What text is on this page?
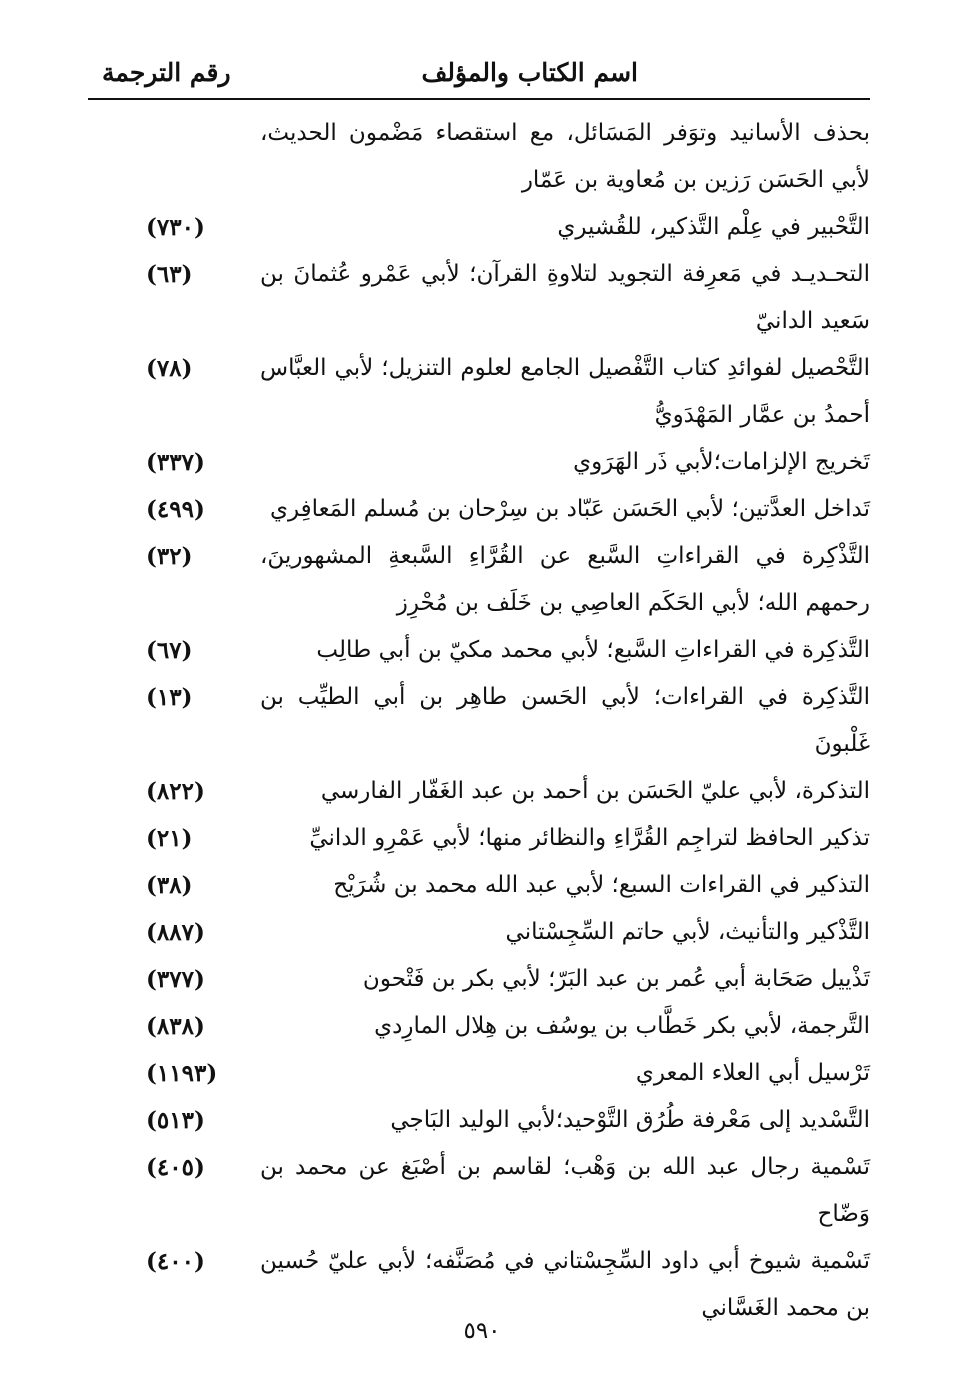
اسم الكتاب والمؤلف
رقم الترجمة
بحذف الأسانيد وتوَفر المَسَائل، مع استقصاء مَضْمون الحديث، لأبي الحَسَن رَزين بن مُعاوية بن عَمّار
التَّحْبير في عِلْم التَّذكير، للقُشيري
(٧٣٠)
التحـديـد في مَعرِفة التجويد لتلاوةِ القرآن؛ لأبي عَمْرو عُثمانَ بن سَعيد الدانيّ
(٦٣)
التَّحْصيل لفوائدِ كتاب التَّفْصيل الجامع لعلوم التنزيل؛ لأبي العبَّاس أحمدُ بن عمَّار المَهْدَويُّ
(٧٨)
تَخريج الإلزامات؛لأبي ذَر الهَرَوي
(٣٣٧)
تَداخل العدَّتين؛ لأبي الحَسَن عَبّاد بن سِرْحان بن مُسلم المَعافِري
(٤٩٩)
التَّذْكِرة في القراءاتِ السَّبع عن القُرَّاءِ السَّبعةِ المشهورينَ، رحمهم الله؛ لأبي الحَكَم العاصِي بن خَلَف بن مُحْرِز
(٣٢)
التَّذكِرة في القراءاتِ السَّبع؛ لأبي محمد مكيّ بن أبي طالِب
(٦٧)
التَّذكِرة في القراءات؛ لأبي الحَسن طاهِر بن أبي الطيِّب بن غَلْبونَ
(١٣)
التذكرة، لأبي عليّ الحَسَن بن أحمد بن عبد الغَفّار الفارسي
(٨٢٢)
تذكير الحافظ لتراجِم القُرَّاءِ والنظائر منها؛ لأبي عَمْرِو الدانيِّ
(٢١)
التذكير في القراءات السبع؛ لأبي عبد الله محمد بن شُرَيْح
(٣٨)
التَّذْكير والتأنيث، لأبي حاتم السِّجِسْتاني
(٨٨٧)
تَذْييل صَحَابة أبي عُمر بن عبد البَرّ؛ لأبي بكر بن فَتْحون
(٣٧٧)
التَّرجمة، لأبي بكر خَطَّاب بن يوسُف بن هِلال المارِدي
(٨٣٨)
تَرْسيل أبي العلاء المعري
(١١٩٣)
التَّسْديد إلى مَعْرفة طُرُق التَّوْحيد؛لأبي الوليد البَاجي
(٥١٣)
تَسْمية رجال عبد الله بن وَهْب؛ لقاسم بن أصْبَغ عن محمد بن وَضّاح
(٤٠٥)
تَسْمية شيوخ أبي داود السِّجِسْتاني في مُصَنَّفه؛ لأبي عليّ حُسين بن محمد الغَسَّاني
(٤٠٠)
٥٩٠
